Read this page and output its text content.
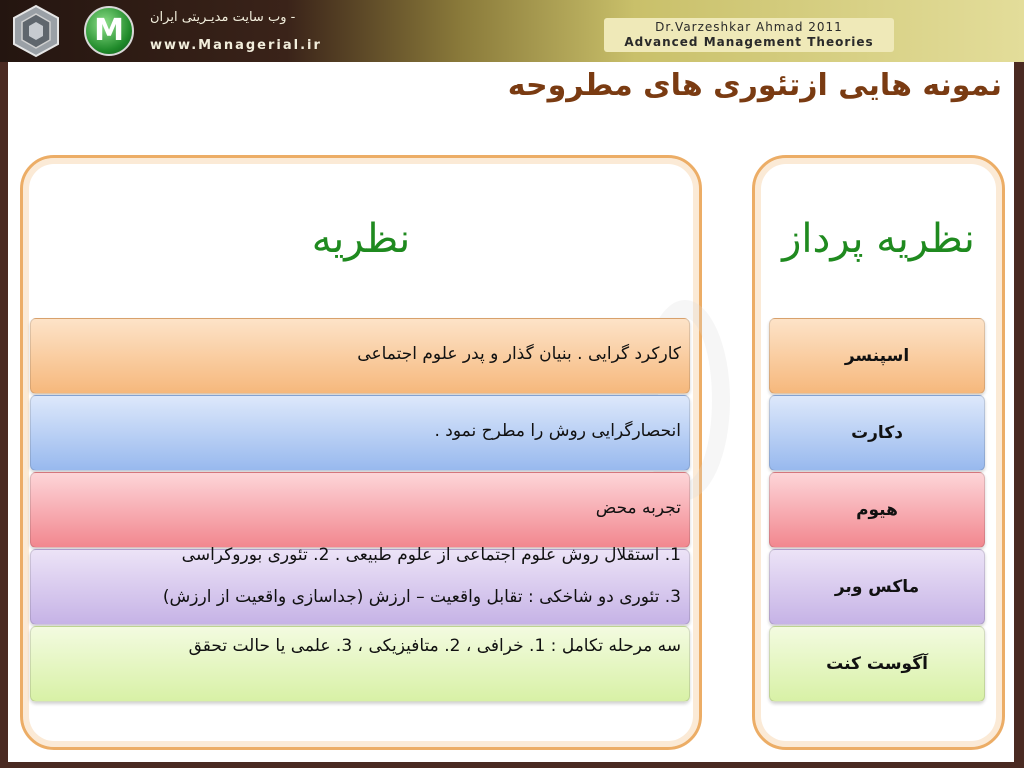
M	- وب سایت مدیـریتی ایران
www.Managerial.ir
Dr.Varzeshkar Ahmad 2011
Advanced Management Theories
نمونه هایی ازتئوری های مطروحه
نظریه	نظریه پرداز
کارکرد گرایی . بنیان گذار و پدر علوم اجتماعی
انحصارگرایی روش را مطرح نمود .
تجربه محض
1. استقلال روش علوم اجتماعی از علوم طبیعی . 2. تئوری بوروکراسی
3. تئوری دو شاخکی : تقابل واقعیت – ارزش (جداسازی واقعیت از ارزش)
سه مرحله تکامل : 1. خرافی ، 2. متافیزیکی ، 3. علمی یا حالت تحقق
اسپنسر
دکارت
هیوم
ماکس وبر
آگوست کنت
